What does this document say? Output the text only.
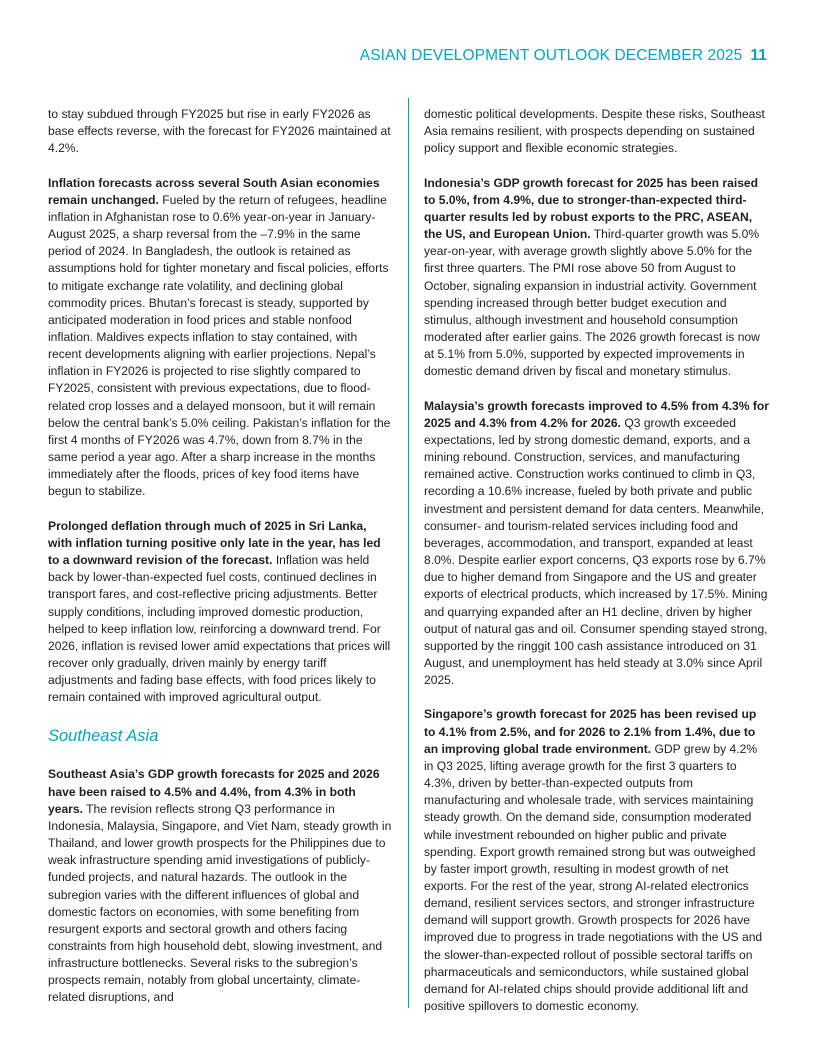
ASIAN DEVELOPMENT OUTLOOK DECEMBER 2025 11

to stay subdued through FY2025 but rise in early FY2026 as base effects reverse, with the forecast for FY2026 maintained at 4.2%.

Inflation forecasts across several South Asian economies remain unchanged. Fueled by the return of refugees, headline inflation in Afghanistan rose to 0.6% year-on-year in January-August 2025, a sharp reversal from the –7.9% in the same period of 2024. In Bangladesh, the outlook is retained as assumptions hold for tighter monetary and fiscal policies, efforts to mitigate exchange rate volatility, and declining global commodity prices. Bhutan’s forecast is steady, supported by anticipated moderation in food prices and stable nonfood inflation. Maldives expects inflation to stay contained, with recent developments aligning with earlier projections. Nepal’s inflation in FY2026 is projected to rise slightly compared to FY2025, consistent with previous expectations, due to flood-related crop losses and a delayed monsoon, but it will remain below the central bank’s 5.0% ceiling. Pakistan’s inflation for the first 4 months of FY2026 was 4.7%, down from 8.7% in the same period a year ago. After a sharp increase in the months immediately after the floods, prices of key food items have begun to stabilize.

Prolonged deflation through much of 2025 in Sri Lanka, with inflation turning positive only late in the year, has led to a downward revision of the forecast. Inflation was held back by lower-than-expected fuel costs, continued declines in transport fares, and cost-reflective pricing adjustments. Better supply conditions, including improved domestic production, helped to keep inflation low, reinforcing a downward trend. For 2026, inflation is revised lower amid expectations that prices will recover only gradually, driven mainly by energy tariff adjustments and fading base effects, with food prices likely to remain contained with improved agricultural output.

Southeast Asia

Southeast Asia’s GDP growth forecasts for 2025 and 2026 have been raised to 4.5% and 4.4%, from 4.3% in both years. The revision reflects strong Q3 performance in Indonesia, Malaysia, Singapore, and Viet Nam, steady growth in Thailand, and lower growth prospects for the Philippines due to weak infrastructure spending amid investigations of publicly-funded projects, and natural hazards. The outlook in the subregion varies with the different influences of global and domestic factors on economies, with some benefiting from resurgent exports and sectoral growth and others facing constraints from high household debt, slowing investment, and infrastructure bottlenecks. Several risks to the subregion’s prospects remain, notably from global uncertainty, climate-related disruptions, and

domestic political developments. Despite these risks, Southeast Asia remains resilient, with prospects depending on sustained policy support and flexible economic strategies.

Indonesia’s GDP growth forecast for 2025 has been raised to 5.0%, from 4.9%, due to stronger-than-expected third-quarter results led by robust exports to the PRC, ASEAN, the US, and European Union. Third-quarter growth was 5.0% year-on-year, with average growth slightly above 5.0% for the first three quarters. The PMI rose above 50 from August to October, signaling expansion in industrial activity. Government spending increased through better budget execution and stimulus, although investment and household consumption moderated after earlier gains. The 2026 growth forecast is now at 5.1% from 5.0%, supported by expected improvements in domestic demand driven by fiscal and monetary stimulus.

Malaysia’s growth forecasts improved to 4.5% from 4.3% for 2025 and 4.3% from 4.2% for 2026. Q3 growth exceeded expectations, led by strong domestic demand, exports, and a mining rebound. Construction, services, and manufacturing remained active. Construction works continued to climb in Q3, recording a 10.6% increase, fueled by both private and public investment and persistent demand for data centers. Meanwhile, consumer- and tourism-related services including food and beverages, accommodation, and transport, expanded at least 8.0%. Despite earlier export concerns, Q3 exports rose by 6.7% due to higher demand from Singapore and the US and greater exports of electrical products, which increased by 17.5%. Mining and quarrying expanded after an H1 decline, driven by higher output of natural gas and oil. Consumer spending stayed strong, supported by the ringgit 100 cash assistance introduced on 31 August, and unemployment has held steady at 3.0% since April 2025.

Singapore’s growth forecast for 2025 has been revised up to 4.1% from 2.5%, and for 2026 to 2.1% from 1.4%, due to an improving global trade environment. GDP grew by 4.2% in Q3 2025, lifting average growth for the first 3 quarters to 4.3%, driven by better-than-expected outputs from manufacturing and wholesale trade, with services maintaining steady growth. On the demand side, consumption moderated while investment rebounded on higher public and private spending. Export growth remained strong but was outweighed by faster import growth, resulting in modest growth of net exports. For the rest of the year, strong AI-related electronics demand, resilient services sectors, and stronger infrastructure demand will support growth. Growth prospects for 2026 have improved due to progress in trade negotiations with the US and the slower-than-expected rollout of possible sectoral tariffs on pharmaceuticals and semiconductors, while sustained global demand for AI-related chips should provide additional lift and positive spillovers to domestic economy.
